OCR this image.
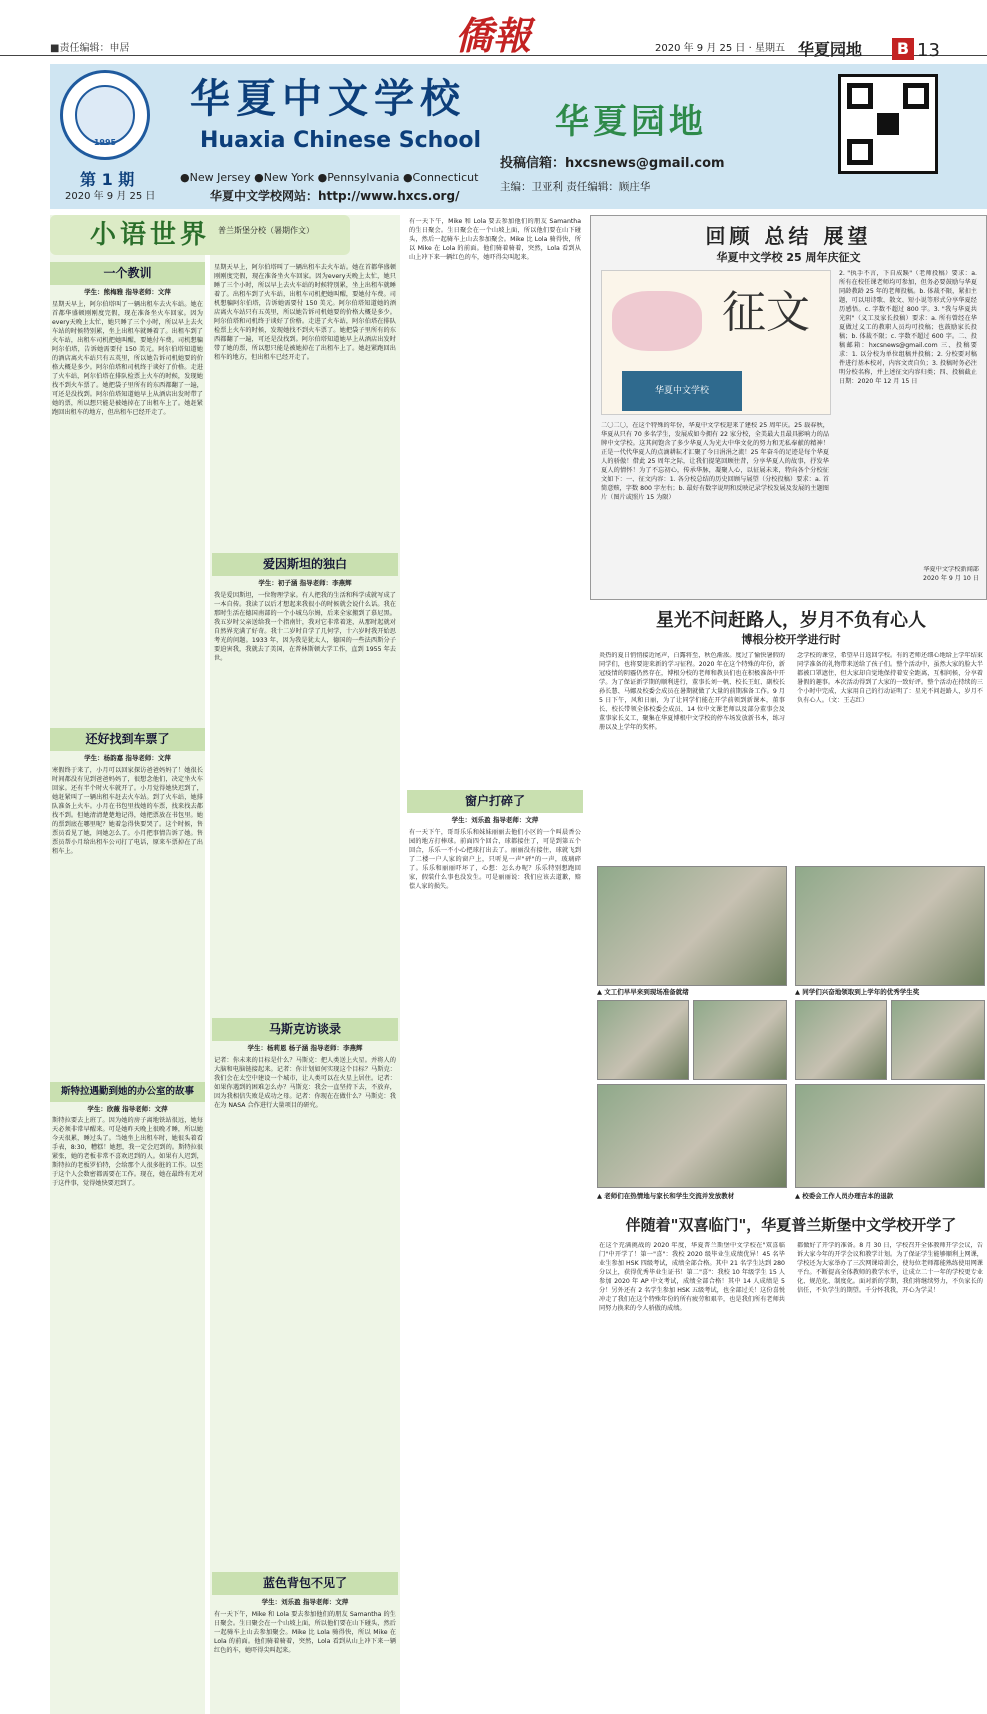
■责任编辑：申居	僑報	2020 年 9 月 25 日 · 星期五 华夏园地	B 13
1995
华夏中文学校
Huaxia Chinese School
第 1 期
2020 年 9 月 25 日
●New Jersey ●New York ●Pennsylvania ●Connecticut
华夏中文学校网站：http://www.hxcs.org/
华夏园地
投稿信箱：hxcsnews@gmail.com
主编：卫亚利 责任编辑：顾庄华
小语世界 普兰斯堡分校（暑期作文）
一个教训
学生：熊梅雅 指导老师：文萍
星期天早上，阿尔伯塔叫了一辆出租车去火车站。她在首都华盛顿刚刚度完假，现在准备坐火车回家。因为every天晚上太忙，她只睡了三个小时，所以早上去火车站的时候特别累，坐上出租车就睡着了。出租车到了火车站，出租车司机把她叫醒，要她付车费。司机想骗阿尔伯塔，告诉她需要付 150 美元。阿尔伯塔知道她的酒店离火车站只有五英里，所以她告诉司机她要的价格大概是多少。阿尔伯塔和司机终于谈好了价格。走进了火车站，阿尔伯塔在排队检票上火车的时候，发现她找不到火车票了。她把袋子里所有的东西都翻了一遍，可还是没找到。阿尔伯塔知道她早上从酒店出发时带了她的票，所以想只能是被她掉在了出租车上了。她赶紧跑回出租车的地方，但出租车已经开走了。
还好找到车票了
学生：杨韵嘉 指导老师：文萍
寒假终于来了，小月可以回家探访爸爸妈妈了！她很长时间都没有见到爸爸妈妈了，很想念他们，决定坐火车回家。还有半个时火车就开了。小月觉得她快迟到了，她赶紧叫了一辆出租车赶去火车站。到了火车站，她排队准备上火车。小月在书包里找她的车票，找来找去都找不到。但她清清楚楚地记得，她把票放在书包里。她的票到底在哪里呢？她着急得快要哭了。这个时候，售票员看见了她，问她怎么了。小月把事情告诉了她。售票员帮小月给出租车公司打了电话，原来车票掉在了出租车上。
斯特拉遇勤到她的办公室的故事
学生：欣薇 指导老师：文萍
斯特拉要去上班了。因为她的房子离地铁站很远，她每天必须非常早醒来。可是她昨天晚上很晚才睡，所以她今天很累，睡过头了。当她坐上出租车时，她很头着看手表，8:30，糟糕！她想，我一定会迟到的。斯特拉很紧张，她的老板非常不喜欢迟到的人。如果有人迟到，斯特拉的老板罗伯特，会给那个人很多脏的工作。以至于这个人会数密都需要在工作。现在，她在最终有无对于这件事，觉得她快要迟到了。
星期天早上，阿尔伯塔叫了一辆出租车去火车站。她在首都华盛顿刚刚度完假，现在准备坐火车回家。因为every天晚上太忙，她只睡了三个小时，所以早上去火车站的时候特别累，坐上出租车就睡着了。出租车到了火车站，出租车司机把她叫醒，要她付车费。司机想骗阿尔伯塔，告诉她需要付 150 美元。阿尔伯塔知道她的酒店离火车站只有五英里，所以她告诉司机她要的价格大概是多少。阿尔伯塔和司机终于谈好了价格。走进了火车站，阿尔伯塔在排队检票上火车的时候，发现她找不到火车票了。她把袋子里所有的东西都翻了一遍，可还是没找到。阿尔伯塔知道她早上从酒店出发时带了她的票，所以想只能是被她掉在了出租车上了。她赶紧跑回出租车的地方，但出租车已经开走了。
爱因斯坦的独白
学生：初子涵 指导老师：李燕辉
我是爱因斯坦，一位物理学家。有人把我的生活和科学成就写成了一本自传。我读了以后才想起来我很小的时候就会说什么话。我在那时生活在德国南部的一个小城乌尔姆，后来全家搬到了慕尼黑。我五岁时父亲送给我一个指南针，我对它非常着迷，从那时起就对自然界充满了好奇。我十二岁时自学了几何学，十六岁时我开始思考光的问题。1933 年，因为我是犹太人，德国的一些法西斯分子要迫害我，我就去了美国，在普林斯顿大学工作，直到 1955 年去世。
马斯克访谈录
学生：杨莉恩 杨子涵 指导老师：李燕辉
记者：你未来的目标是什么？马斯克：把人类送上火星。并将人的大脑和电脑链接起来。记者：你计划如何实现这个目标？马斯克：我们会在太空中建设一个城市，让人类可以在火星上居住。记者：如果你遇到的困难怎么办？马斯克：我会一直坚持下去，不放弃，因为我相信失败是成功之母。记者：你现在在做什么？马斯克：我在为 NASA 合作进行大量项目的研究。
蓝色背包不见了
学生：刘乐盈 指导老师：文萍
有一天下午，Mike 和 Lola 要去参加他们的朋友 Samantha 的生日聚会。生日聚会在一个山坡上面，所以他们要在山下碰头，然后一起骑车上山去参加聚会。Mike 比 Lola 骑得快，所以 Mike 在 Lola 的前面。他们骑着骑着，突然，Lola 看到从山上冲下来一辆红色的车，她吓得尖叫起来。
有一天下午，Mike 和 Lola 要去参加他们的朋友 Samantha 的生日聚会。生日聚会在一个山坡上面，所以他们要在山下碰头，然后一起骑车上山去参加聚会。Mike 比 Lola 骑得快，所以 Mike 在 Lola 的前面。他们骑着骑着，突然，Lola 看到从山上冲下来一辆红色的车，她吓得尖叫起来。
窗户打碎了
学生：刘乐盈 指导老师：文萍
有一天下午，哥哥乐乐和妹妹丽丽去他们小区的一个叫晨香公园的地方打棒球。前面四个回合，球都接住了，可是到第五个回合，乐乐一不小心把球打出去了。丽丽没有接住，球就飞到了二楼一户人家的窗户上，只听见一声"砰"的一声，玻璃碎了。乐乐和丽丽吓坏了，心想：怎么办呢？乐乐特别想跑回家，假装什么事也没发生。可是丽丽说：我们应该去道歉，赔偿人家的损失。
回顾 总结 展望
华夏中文学校 25 周年庆征文
征文
华夏中文学校
二〇二〇，在这个特殊的年份，华夏中文学校迎来了建校 25 周年庆。25 载春秋，华夏从只有 70 多名学生，发展成如今拥有 22 家分校，全美最大且最具影响力的品牌中文学校。这其间饱含了多少华夏人为光大中华文化的努力和无私奉献的精神！正是一代代华夏人的点滴耕耘才汇聚了今日涓涓之流！25 年奋斗的足迹是每个华夏人的骄傲！借此 25 周年之际，让我们提笔回顾往昔，分享华夏人的故事，抒发华夏人的情怀！为了不忘初心，传承华脉，凝聚人心，以征展未来，特向各个分校征文如下：一、征文内容：1. 各分校总结的历史回顾与展望（分校投稿）要求：a. 首简意赅，字数 800 字左右；b. 最好有数字说明和反映记录学校发展及发展的主题图片（图片或照片 15 为限）
2. "执手不言，下自成蹊"（老师投稿）要求：a. 所有在校任课老师均可参加，但务必要鼓励与华夏同龄教龄 25 年的老师投稿。b. 体裁不限，紧扣主题，可以用诗歌、散文、短小说等形式分享华夏经历感悟。c. 字数不超过 800 字。3. "我与华夏共光阴"（义工及家长投稿）要求：a. 所有曾经在华夏做过义工的教职人员均可投稿；也鼓励家长投稿；b. 体裁不限；c. 字数不超过 600 字。二、投稿邮箱：hxcsnews@gmail.com 三、投稿要求：1. 以分校为单位组稿并投稿；2. 分校要对稿件进行基本校对，内容文责自负；3. 投稿时务必注明分校名称，并上述征文内容归类；四、投稿截止日期：2020 年 12 月 15 日
华夏中文学校新闻部
2020 年 9 月 10 日
星光不问赶路人，岁月不负有心人
博根分校开学进行时
炎热的夏日悄悄接近尾声，白露将至，秋色渐浓。度过了愉快暑假的同学们，也将要迎来新的学习征程。2020 年在这个特殊的年份，新冠疫情的阴霾仍然存在，博根分校的老师和教员们也在积极准备中开学。为了保证新学期的顺利进行，董事长刘一帆、校长王虹、副校长孙长慧、马娜及校委会成员在暑期就做了大量的前期准备工作。9 月 5 日下午，风和日丽，为了让同学们能在开学前领到新课本，董事长、校长带领全体校委会成员、14 位中文课老师以及部分董事会及董事家长义工，聚集在华夏博根中文学校的停车场发放新书本，练习册以及上学年的奖杯。
念学校的课堂，希望早日返回学校。有的老师还细心地给上学年结束同学准备的礼物带来送给了孩子们。整个活动中，虽然大家的脸大半都被口罩遮住，但大家却自觉地保持着安全距离，互相问候，分享着暑假的趣事。本次活动得到了大家的一致好评。整个活动在持续的三个小时中完成，大家用自己的行动证明了：星光不问赶路人，岁月不负有心人。（文：王志红）
▲ 文工们早早来到现场准备就绪	▲ 同学们兴奋地领取到上学年的优秀学生奖
▲ 老师们在热情地与家长和学生交流并发放教材	▲ 校委会工作人员办理吉本的退款
伴随着"双喜临门"，华夏普兰斯堡中文学校开学了
在这个充满挑战的 2020 年度，华夏普兰斯堡中文学校在"双喜临门"中开学了！第一"喜"：我校 2020 级毕业生成绩优异！45 名毕业生参加 HSK 四级考试，成绩全部合格。其中 21 名学生达到 280 分以上，获得优秀毕业生证书！第二"喜"：我校 10 年级学生 15 人参加 2020 年 AP 中文考试，成绩全部合格！其中 14 人成绩是 5 分！另外还有 2 名学生参加 HSK 五级考试，也全部过关！这份喜悦冲走了我们在这个特殊年份的所有疲劳和艰辛，也是我们所有老师共同努力换来的令人骄傲的成绩。
都做好了开学的准备。8 月 30 日，学校召开全体教师开学会议，告诉大家今年的开学会议和教学计划。为了保证学生能够顺利上网课，学校还为大家举办了三次网课培训会，使每位老师都能熟练使用网课平台。不断提高全体教师的教学水平，让成立二十一年的学校更专业化、规范化、制度化。面对新的学期，我们将继续努力，不负家长的信任，不负学生的期望。千分怀我我，开心为学灵！
